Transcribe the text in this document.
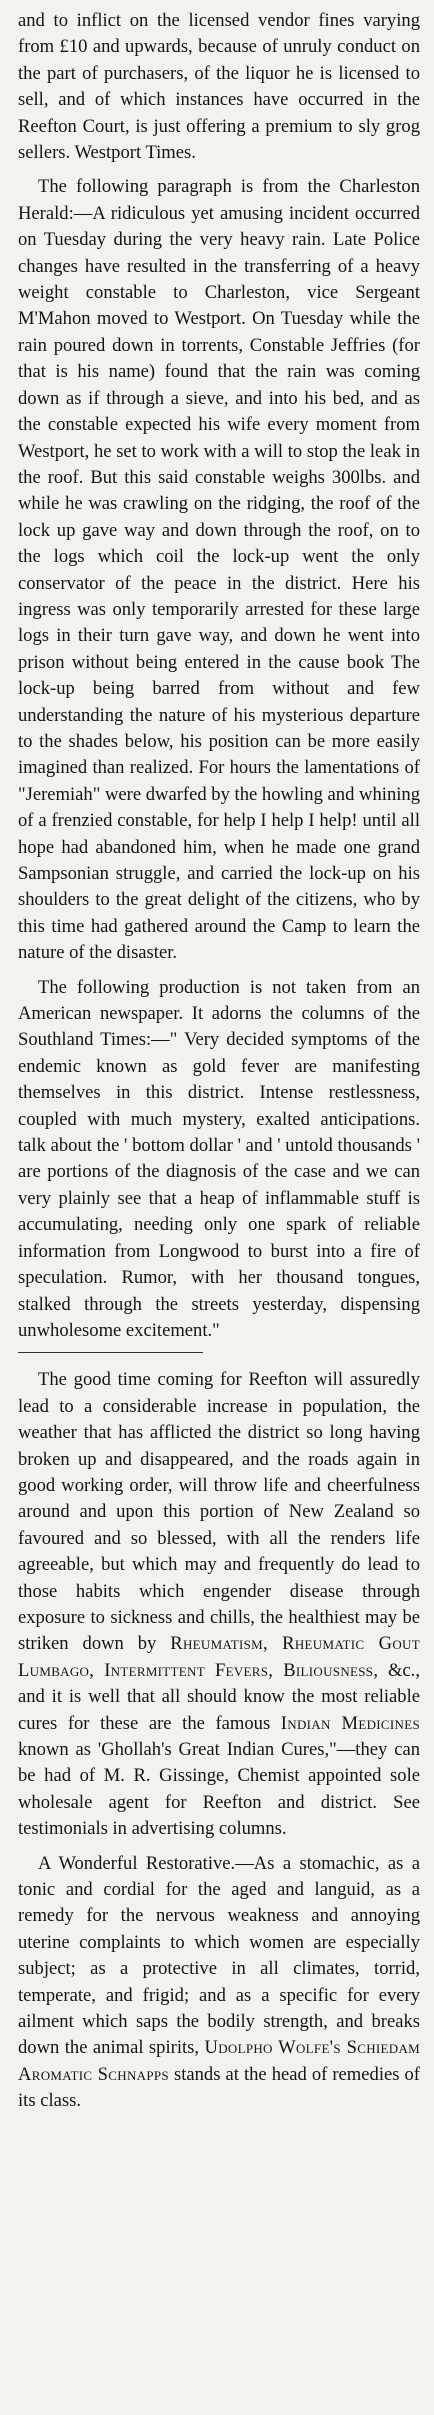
and to inflict on the licensed vendor fines varying from £10 and upwards, because of unruly conduct on the part of purchasers, of the liquor he is licensed to sell, and of which instances have occurred in the Reefton Court, is just offering a premium to sly grog sellers. Westport Times.

The following paragraph is from the Charleston Herald:—A ridiculous yet amusing incident occurred on Tuesday during the very heavy rain. Late Police changes have resulted in the transferring of a heavy weight constable to Charleston, vice Sergeant M'Mahon moved to Westport. On Tuesday while the rain poured down in torrents, Constable Jeffries (for that is his name) found that the rain was coming down as if through a sieve, and into his bed, and as the constable expected his wife every moment from Westport, he set to work with a will to stop the leak in the roof. But this said constable weighs 300lbs. and while he was crawling on the ridging, the roof of the lock up gave way and down through the roof, on to the logs which coil the lock-up went the only conservator of the peace in the district. Here his ingress was only temporarily arrested for these large logs in their turn gave way, and down he went into prison without being entered in the cause book The lock-up being barred from without and few understanding the nature of his mysterious departure to the shades below, his position can be more easily imagined than realized. For hours the lamentations of "Jeremiah" were dwarfed by the howling and whining of a frenzied constable, for help I help I help! until all hope had abandoned him, when he made one grand Sampsonian struggle, and carried the lock-up on his shoulders to the great delight of the citizens, who by this time had gathered around the Camp to learn the nature of the disaster.

The following production is not taken from an American newspaper. It adorns the columns of the Southland Times:—" Very decided symptoms of the endemic known as gold fever are manifesting themselves in this district. Intense restlessness, coupled with much mystery, exalted anticipations. talk about the ' bottom dollar ' and ' untold thousands ' are portions of the diagnosis of the case and we can very plainly see that a heap of inflammable stuff is accumulating, needing only one spark of reliable information from Longwood to burst into a fire of speculation. Rumor, with her thousand tongues, stalked through the streets yesterday, dispensing unwholesome excitement."

The good time coming for Reefton will assuredly lead to a considerable increase in population, the weather that has afflicted the district so long having broken up and disappeared, and the roads again in good working order, will throw life and cheerfulness around and upon this portion of New Zealand so favoured and so blessed, with all the renders life agreeable, but which may and frequently do lead to those habits which engender disease through exposure to sickness and chills, the healthiest may be striken down by Rheumatism, Rheumatic Gout Lumbago, Intermittent Fevers, Biliousness, &c., and it is well that all should know the most reliable cures for these are the famous Indian Medicines known as 'Ghollah's Great Indian Cures,"—they can be had of M. R. Gissinge, Chemist appointed sole wholesale agent for Reefton and district. See testimonials in advertising columns.

A Wonderful Restorative.—As a stomachic, as a tonic and cordial for the aged and languid, as a remedy for the nervous weakness and annoying uterine complaints to which women are especially subject; as a protective in all climates, torrid, temperate, and frigid; and as a specific for every ailment which saps the bodily strength, and breaks down the animal spirits, Udolpho Wolfe's Schiedam Aromatic Schnapps stands at the head of remedies of its class.
